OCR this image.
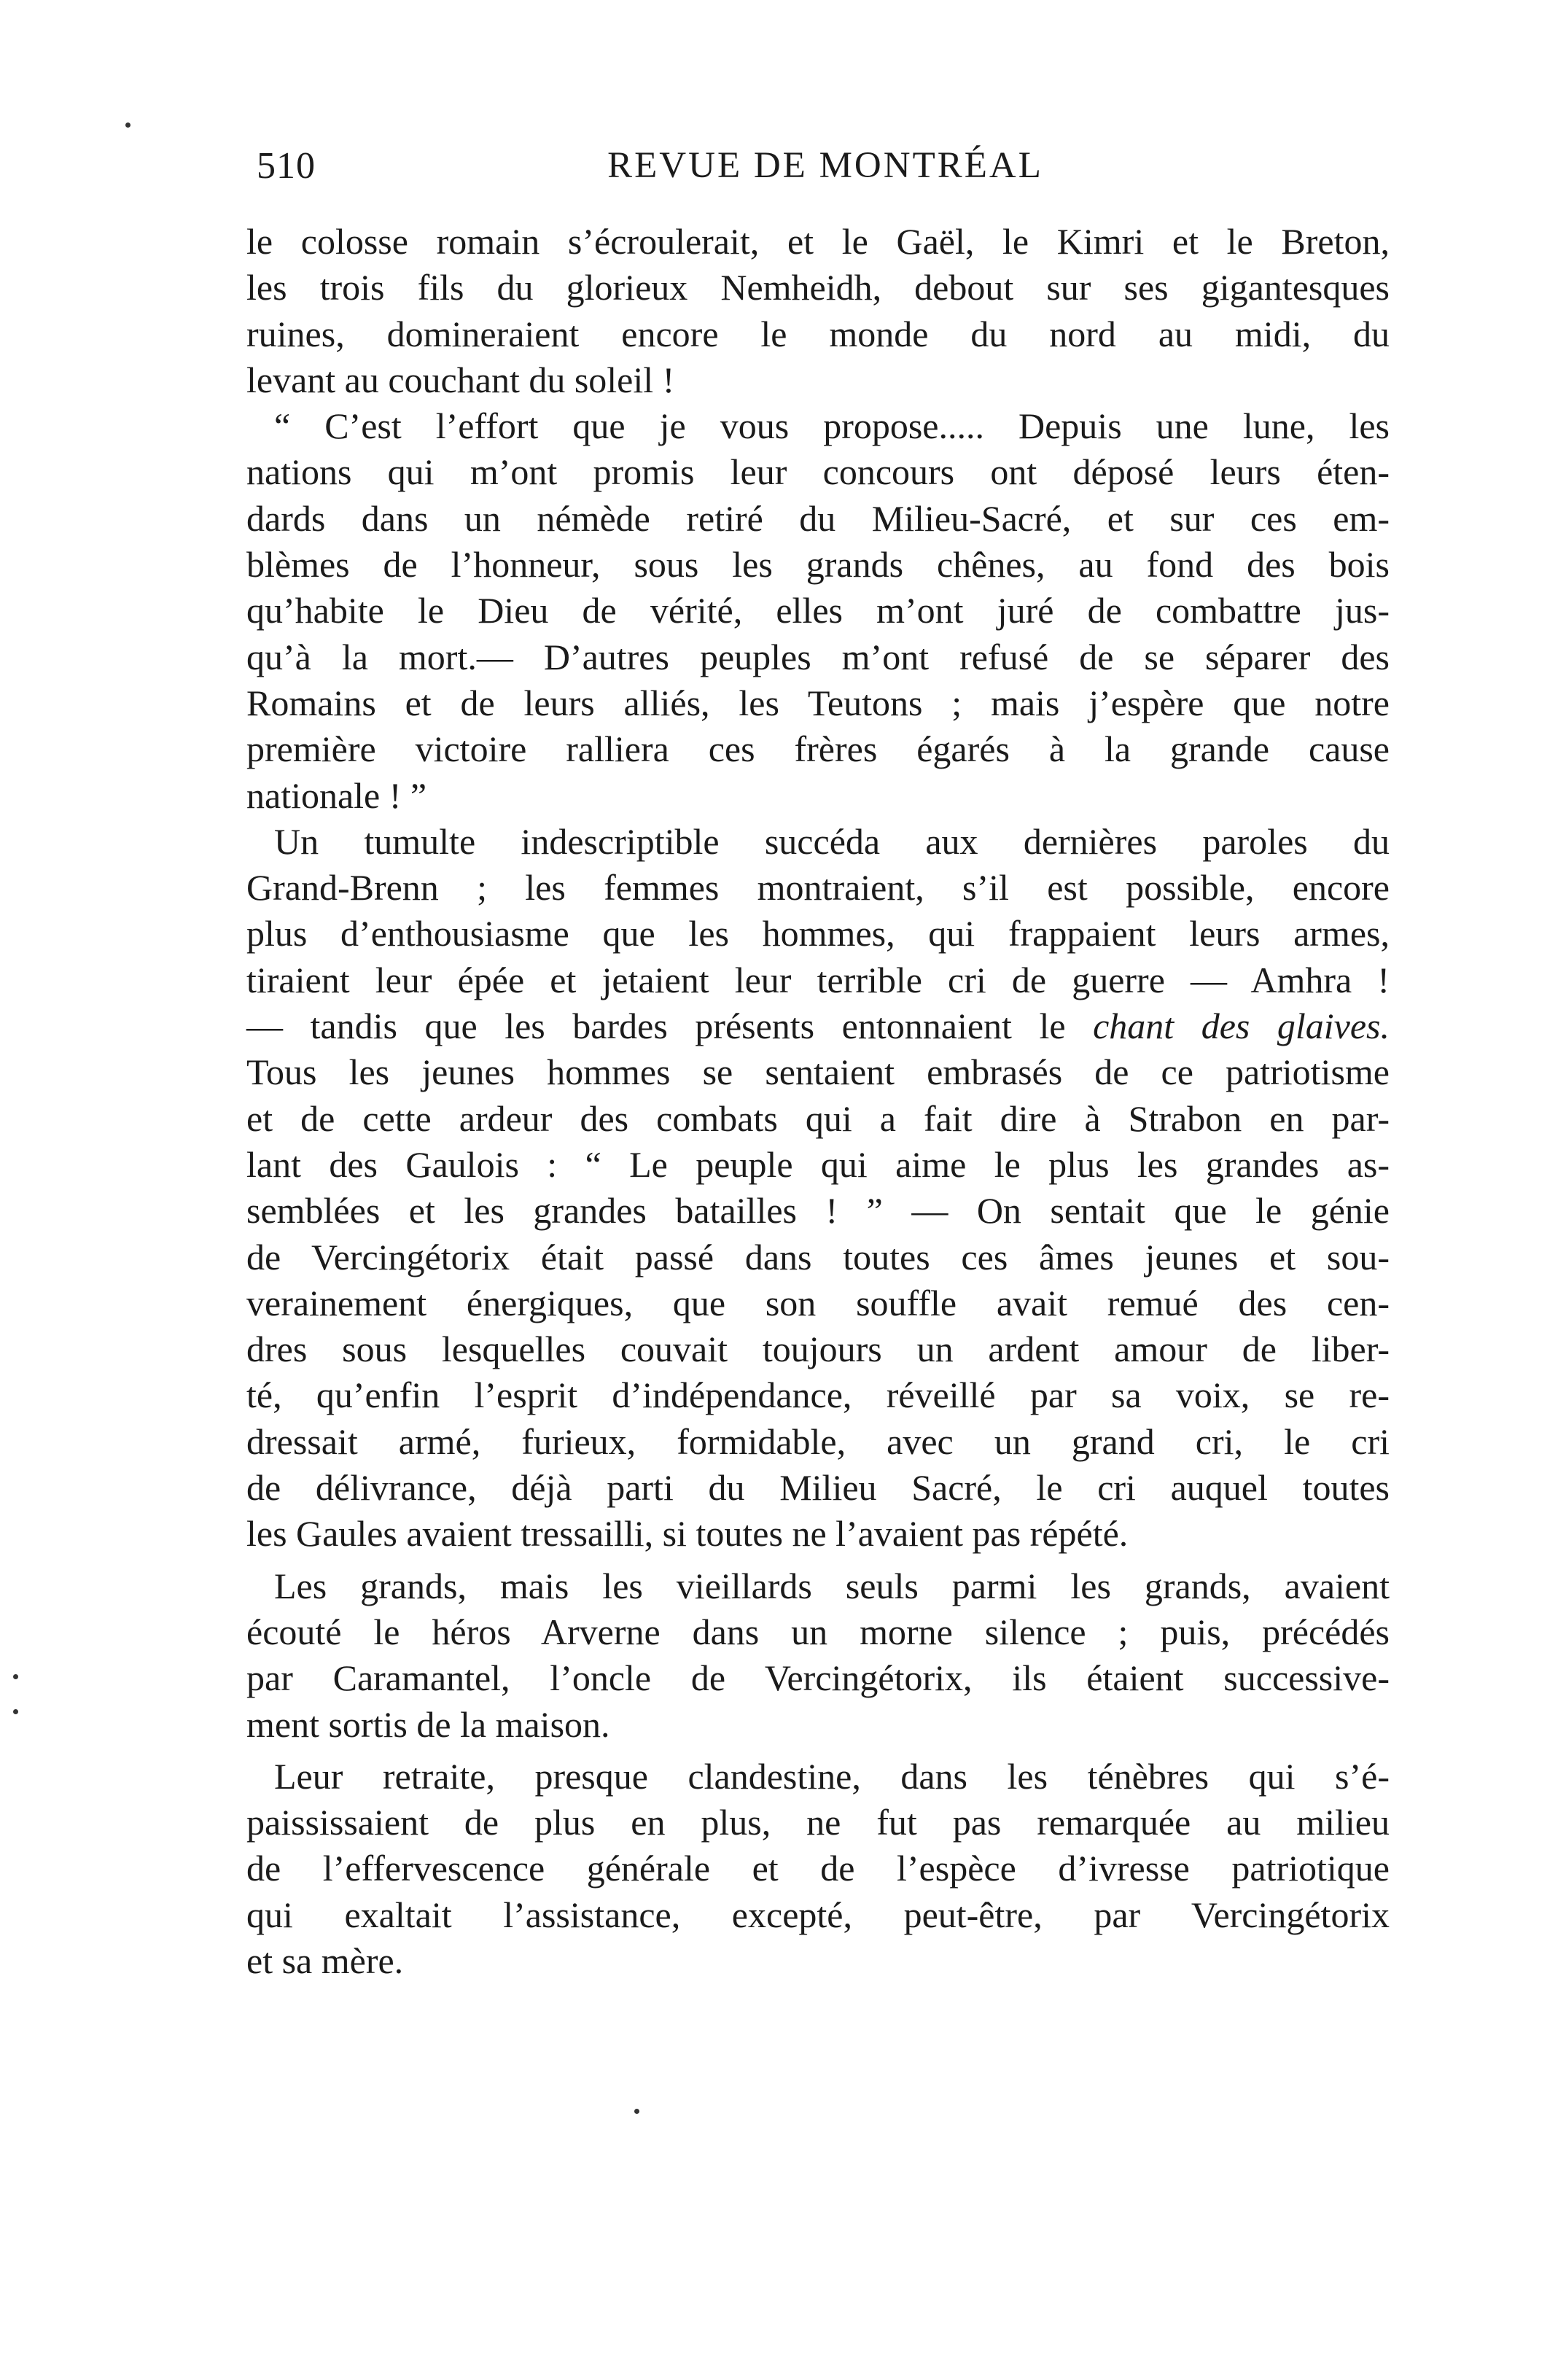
510	REVUE DE MONTRÉAL
le colosse romain s’écroulerait, et le Gaël, le Kimri et le Breton,
les trois fils du glorieux Nemheidh, debout sur ses gigantesques
ruines, domineraient encore le monde du nord au midi, du
levant au couchant du soleil !
“ C’est l’effort que je vous propose..... Depuis une lune, les
nations qui m’ont promis leur concours ont déposé leurs éten-
dards dans un némède retiré du Milieu-Sacré, et sur ces em-
blèmes de l’honneur, sous les grands chênes, au fond des bois
qu’habite le Dieu de vérité, elles m’ont juré de combattre jus-
qu’à la mort.— D’autres peuples m’ont refusé de se séparer des
Romains et de leurs alliés, les Teutons ; mais j’espère que notre
première victoire ralliera ces frères égarés à la grande cause
nationale ! ”
Un tumulte indescriptible succéda aux dernières paroles du
Grand-Brenn ; les femmes montraient, s’il est possible, encore
plus d’enthousiasme que les hommes, qui frappaient leurs armes,
tiraient leur épée et jetaient leur terrible cri de guerre — Amhra !
— tandis que les bardes présents entonnaient le chant des glaives.
Tous les jeunes hommes se sentaient embrasés de ce patriotisme
et de cette ardeur des combats qui a fait dire à Strabon en par-
lant des Gaulois : “ Le peuple qui aime le plus les grandes as-
semblées et les grandes batailles ! ” — On sentait que le génie
de Vercingétorix était passé dans toutes ces âmes jeunes et sou-
verainement énergiques, que son souffle avait remué des cen-
dres sous lesquelles couvait toujours un ardent amour de liber-
té, qu’enfin l’esprit d’indépendance, réveillé par sa voix, se re-
dressait armé, furieux, formidable, avec un grand cri, le cri
de délivrance, déjà parti du Milieu Sacré, le cri auquel toutes
les Gaules avaient tressailli, si toutes ne l’avaient pas répété.
Les grands, mais les vieillards seuls parmi les grands, avaient
écouté le héros Arverne dans un morne silence ; puis, précédés
par Caramantel, l’oncle de Vercingétorix, ils étaient successive-
ment sortis de la maison.
Leur retraite, presque clandestine, dans les ténèbres qui s’é-
paississaient de plus en plus, ne fut pas remarquée au milieu
de l’effervescence générale et de l’espèce d’ivresse patriotique
qui exaltait l’assistance, excepté, peut-être, par Vercingétorix
et sa mère.
